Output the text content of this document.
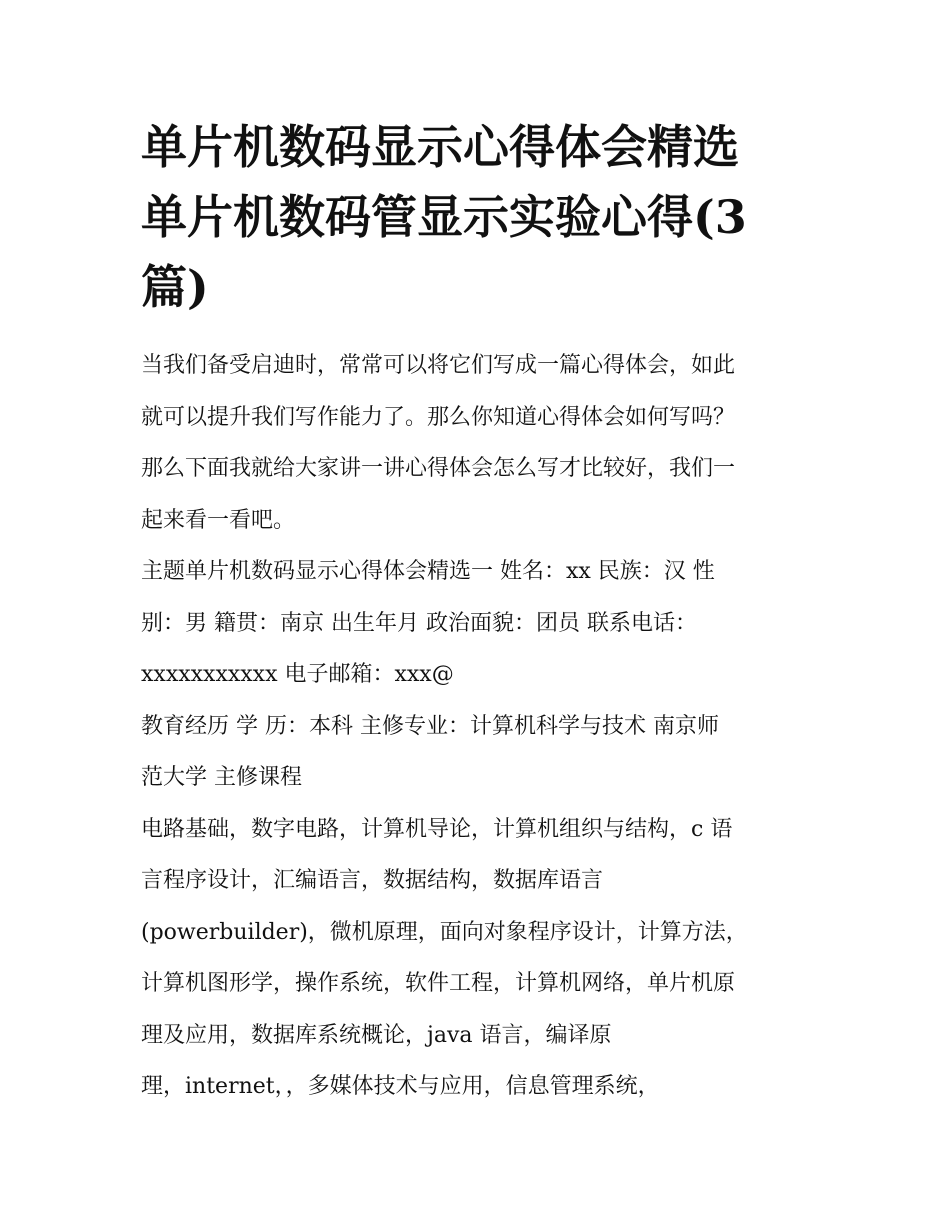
单片机数码显示心得体会精选
单片机数码管显示实验心得(3
篇)

当我们备受启迪时，常常可以将它们写成一篇心得体会，如此
就可以提升我们写作能力了。那么你知道心得体会如何写吗？
那么下面我就给大家讲一讲心得体会怎么写才比较好，我们一
起来看一看吧。

主题单片机数码显示心得体会精选一 姓名：xx 民族：汉 性
别：男 籍贯：南京 出生年月 政治面貌：团员 联系电话：
xxxxxxxxxxx 电子邮箱：xxx@

教育经历 学 历：本科 主修专业：计算机科学与技术 南京师
范大学 主修课程

电路基础，数字电路，计算机导论，计算机组织与结构，c 语
言程序设计，汇编语言，数据结构，数据库语言
(powerbuilder)，微机原理，面向对象程序设计，计算方法，
计算机图形学，操作系统，软件工程，计算机网络，单片机原
理及应用，数据库系统概论，java 语言，编译原
理，internet，，多媒体技术与应用，信息管理系统，
